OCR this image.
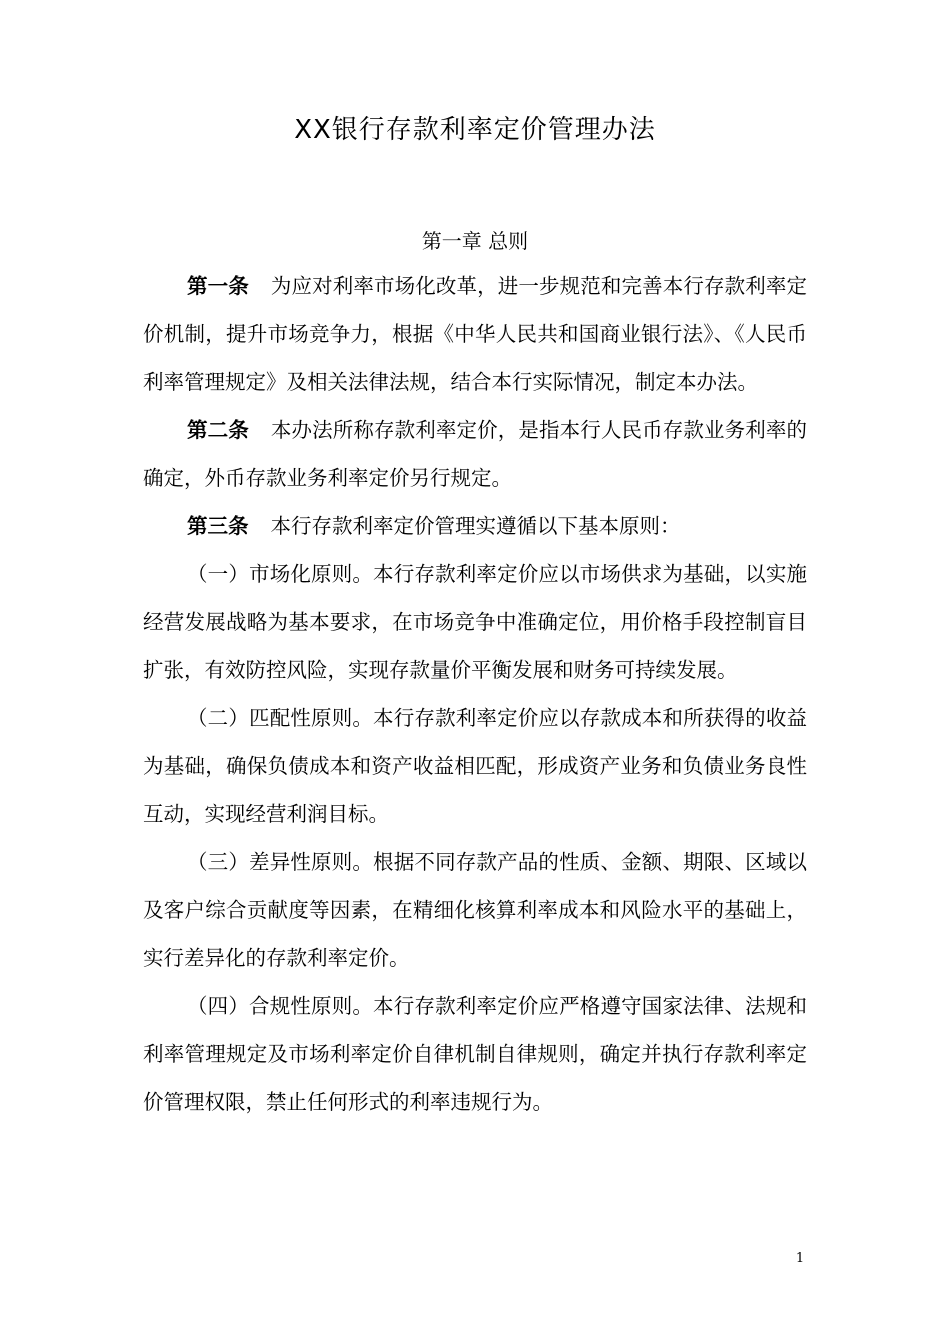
XX银行存款利率定价管理办法
第一章 总则

第一条 为应对利率市场化改革，进一步规范和完善本行存款利率定价机制，提升市场竞争力，根据《中华人民共和国商业银行法》、《人民币利率管理规定》及相关法律法规，结合本行实际情况，制定本办法。

第二条 本办法所称存款利率定价，是指本行人民币存款业务利率的确定，外币存款业务利率定价另行规定。

第三条 本行存款利率定价管理实遵循以下基本原则：

（一）市场化原则。本行存款利率定价应以市场供求为基础，以实施经营发展战略为基本要求，在市场竞争中准确定位，用价格手段控制盲目扩张，有效防控风险，实现存款量价平衡发展和财务可持续发展。

（二）匹配性原则。本行存款利率定价应以存款成本和所获得的收益为基础，确保负债成本和资产收益相匹配，形成资产业务和负债业务良性互动，实现经营利润目标。

（三）差异性原则。根据不同存款产品的性质、金额、期限、区域以及客户综合贡献度等因素，在精细化核算利率成本和风险水平的基础上，实行差异化的存款利率定价。

（四）合规性原则。本行存款利率定价应严格遵守国家法律、法规和利率管理规定及市场利率定价自律机制自律规则，确定并执行存款利率定价管理权限，禁止任何形式的利率违规行为。

1
